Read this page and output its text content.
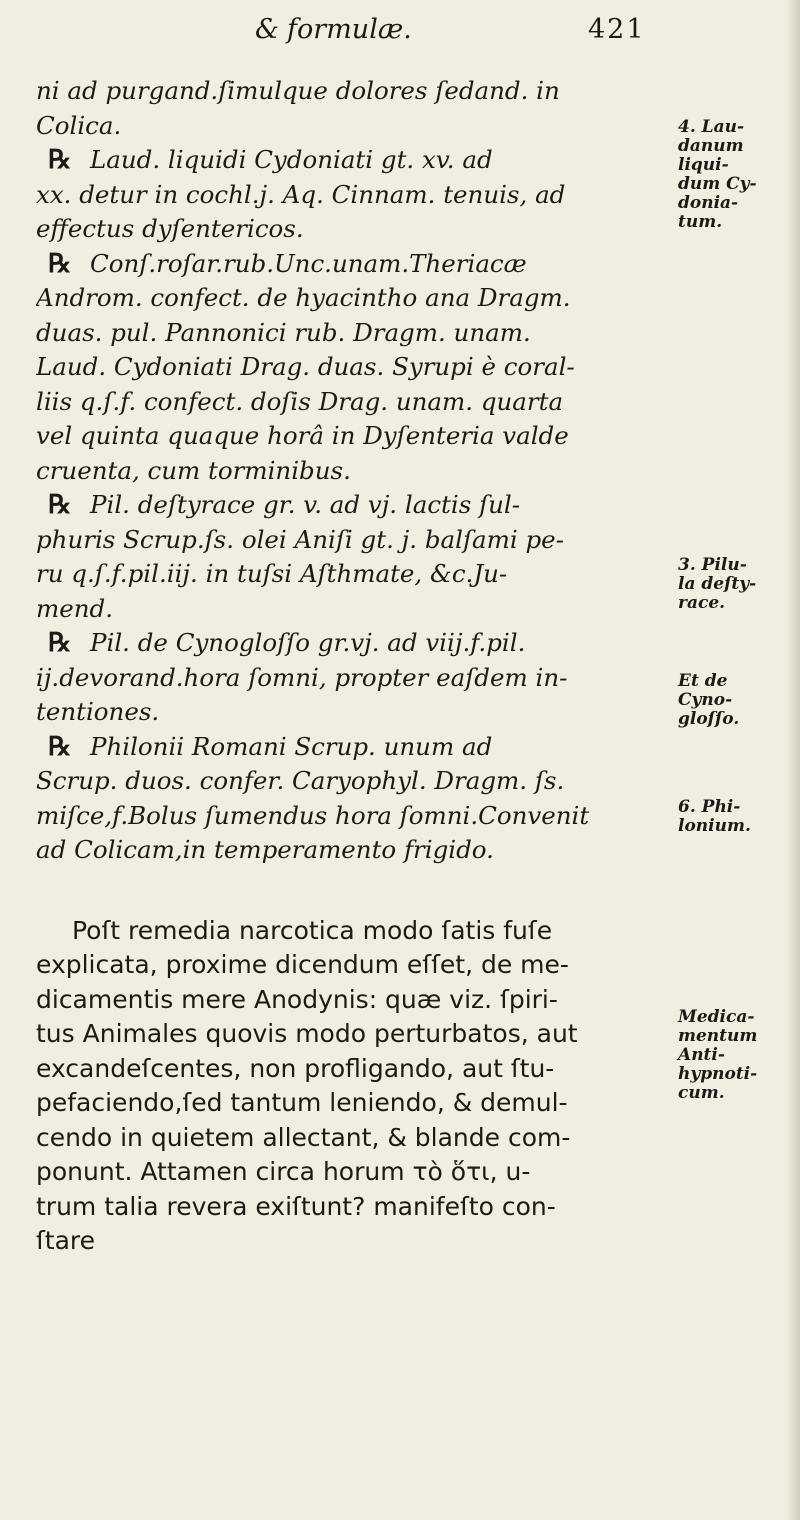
& formulæ.	421
ni ad purgand.ſimulque dolores ſedand. in
Colica.
℞ Laud. liquidi Cydoniati gt. xv. ad
xx. detur in cochl.j. Aq. Cinnam. tenuis, ad
effectus dyſentericos.
℞ Conſ.roſar.rub.Unc.unam.Theriacæ
Androm. confect. de hyacintho ana Dragm.
duas. pul. Pannonici rub. Dragm. unam.
Laud. Cydoniati Drag. duas. Syrupi è coral-
liis q.ſ.f. confect. doſis Drag. unam. quarta
vel quinta quaque horâ in Dyſenteria valde
cruenta, cum torminibus.
℞ Pil. deſtyrace gr. v. ad vj. lactis ſul-
phuris Scrup.ſs. olei Aniſi gt. j. balſami pe-
ru q.ſ.f.pil.iij. in tuſsi Aſthmate, &c.Ju-
mend.
℞ Pil. de Cynogloſſo gr.vj. ad viij.f.pil.
ij.devorand.hora ſomni, propter eaſdem in-
tentiones.
℞ Philonii Romani Scrup. unum ad
Scrup. duos. confer. Caryophyl. Dragm. ſs.
miſce,f.Bolus ſumendus hora ſomni.Convenit
ad Colicam,in temperamento frigido.
Poſt remedia narcotica modo ſatis fuſe
explicata, proxime dicendum eſſet, de me-
dicamentis mere Anodynis: quæ viz. ſpiri-
tus Animales quovis modo perturbatos, aut
excandeſcentes, non profligando, aut ſtu-
pefaciendo,ſed tantum leniendo, & demul-
cendo in quietem allectant, & blande com-
ponunt. Attamen circa horum τὸ ὅτι, u-
trum talia revera exiſtunt? manifeſto con-
ſtare
4. Lau-
danum
liqui-
dum Cy-
donia-
tum.
3. Pilu-
la deſty-
race.
Et de
Cyno-
gloſſo.
6. Phi-
lonium.
Medica-
mentum
Anti-
hypnoti-
cum.
